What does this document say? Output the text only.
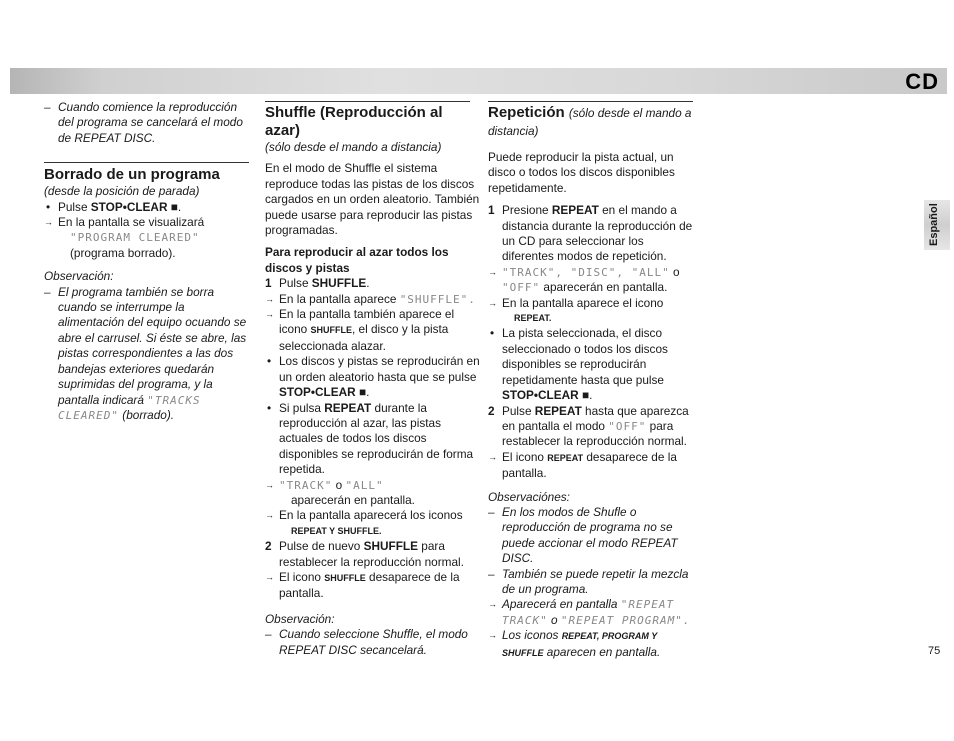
CD
Español

– Cuando comience la reproducción del programa se cancelará el modo de REPEAT DISC.

Borrado de un programa

(desde la posición de parada)

• Pulse STOP•CLEAR ■.

→ En la pantalla se visualizará

"PROGRAM CLEARED"

(programa borrado).

Observación:

– El programa también se borra cuando se interrumpe la alimentación del equipo ocuando se abre el carrusel. Si éste se abre, las pistas correspondientes a las dos bandejas exteriores quedarán suprimidas del programa, y la pantalla indicará "TRACKS CLEARED" (borrado).

Shuffle (Reproducción al azar)

(sólo desde el mando a distancia)

En el modo de Shuffle el sistema reproduce todas las pistas de los discos cargados en un orden aleatorio. También puede usarse para reproducir las pistas programadas.

Para reproducir al azar todos los discos y pistas

1 Pulse SHUFFLE.

→ En la pantalla aparece "SHUFFLE".

→ En la pantalla también aparece el icono SHUFFLE, el disco y la pista seleccionada alazar.

• Los discos y pistas se reproducirán en un orden aleatorio hasta que se pulse STOP•CLEAR ■.

• Si pulsa REPEAT durante la reproducción al azar, las pistas actuales de todos los discos disponibles se reproducirán de forma repetida.

→ "TRACK" o "ALL"

aparecerán en pantalla.

→ En la pantalla aparecerá los iconos

REPEAT Y SHUFFLE.

2 Pulse de nuevo SHUFFLE para restablecer la reproducción normal.

→ El icono SHUFFLE desaparece de la pantalla.

Observación:

– Cuando seleccione Shuffle, el modo REPEAT DISC secancelará.

Repetición (sólo desde el mando a distancia)

Puede reproducir la pista actual, un disco o todos los discos disponibles repetidamente.

1 Presione REPEAT en el mando a distancia durante la reproducción de un CD para seleccionar los diferentes modos de repetición.

→ "TRACK", "DISC", "ALL" o "OFF" aparecerán en pantalla.

→ En la pantalla aparece el icono

REPEAT.

• La pista seleccionada, el disco seleccionado o todos los discos disponibles se reproducirán repetidamente hasta que pulse STOP•CLEAR ■.

2 Pulse REPEAT hasta que aparezca en pantalla el modo "OFF" para restablecer la reproducción normal.

→ El icono REPEAT desaparece de la pantalla.

Observaciónes:

– En los modos de Shufle o reproducción de programa no se puede accionar el modo REPEAT DISC.

– También se puede repetir la mezcla de un programa.

→ Aparecerá en pantalla "REPEAT TRACK" o "REPEAT PROGRAM".

→ Los iconos REPEAT, PROGRAM Y SHUFFLE aparecen en pantalla.	75
